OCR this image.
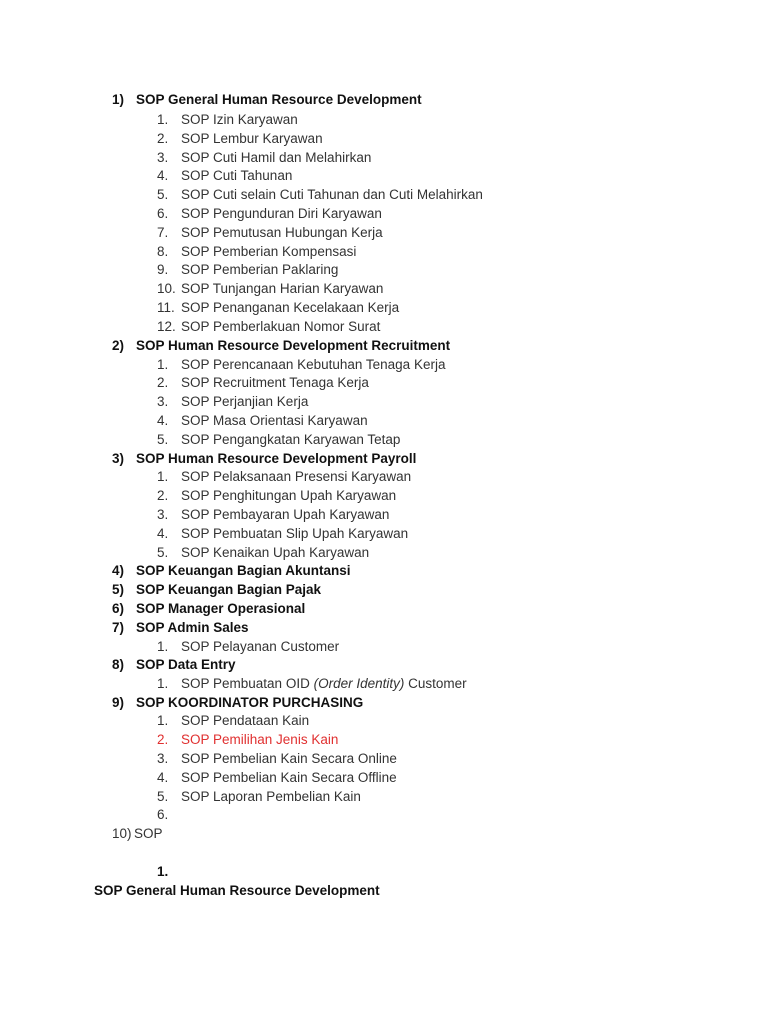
1) SOP General Human Resource Development
1. SOP Izin Karyawan
2. SOP Lembur Karyawan
3. SOP Cuti Hamil dan Melahirkan
4. SOP Cuti Tahunan
5. SOP Cuti selain Cuti Tahunan dan Cuti Melahirkan
6. SOP Pengunduran Diri Karyawan
7. SOP Pemutusan Hubungan Kerja
8. SOP Pemberian Kompensasi
9. SOP Pemberian Paklaring
10. SOP Tunjangan Harian Karyawan
11. SOP Penanganan Kecelakaan Kerja
12. SOP Pemberlakuan Nomor Surat
2) SOP Human Resource Development Recruitment
1. SOP Perencanaan Kebutuhan Tenaga Kerja
2. SOP Recruitment Tenaga Kerja
3. SOP Perjanjian Kerja
4. SOP Masa Orientasi Karyawan
5. SOP Pengangkatan Karyawan Tetap
3) SOP Human Resource Development Payroll
1. SOP Pelaksanaan Presensi Karyawan
2. SOP Penghitungan Upah Karyawan
3. SOP Pembayaran Upah Karyawan
4. SOP Pembuatan Slip Upah Karyawan
5. SOP Kenaikan Upah Karyawan
4) SOP Keuangan Bagian Akuntansi
5) SOP Keuangan Bagian Pajak
6) SOP Manager Operasional
7) SOP Admin Sales
1. SOP Pelayanan Customer
8) SOP Data Entry
1. SOP Pembuatan OID (Order Identity) Customer
9) SOP KOORDINATOR PURCHASING
1. SOP Pendataan Kain
2. SOP Pemilihan Jenis Kain
3. SOP Pembelian Kain Secara Online
4. SOP Pembelian Kain Secara Offline
5. SOP Laporan Pembelian Kain
6.
10) SOP
1.
SOP General Human Resource Development
